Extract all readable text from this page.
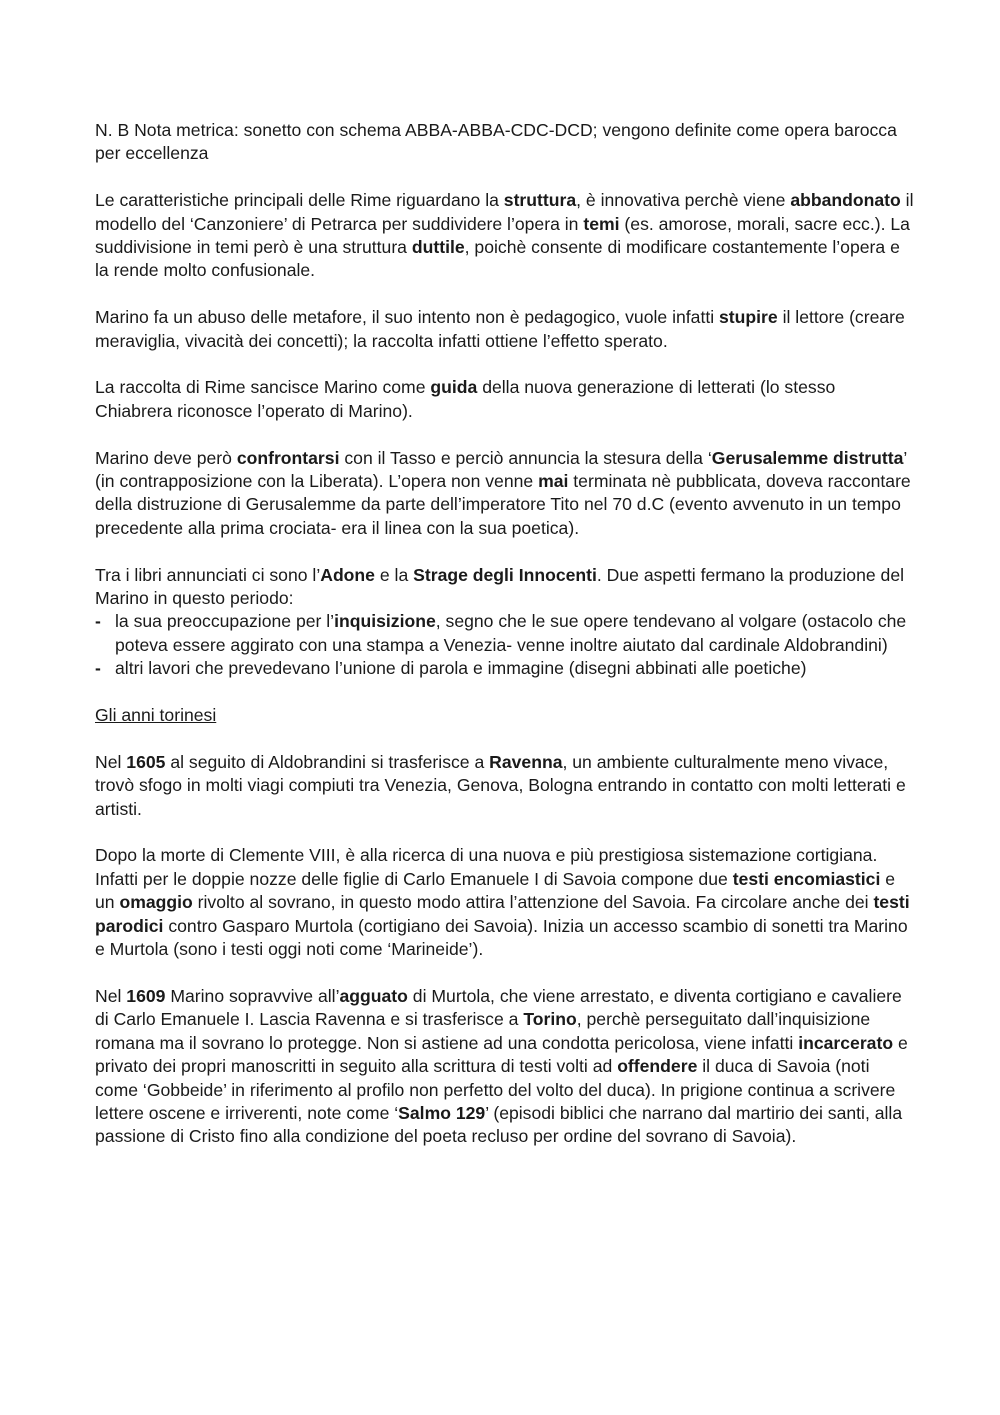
N. B Nota metrica: sonetto con schema ABBA-ABBA-CDC-DCD; vengono definite come opera barocca per eccellenza

Le caratteristiche principali delle Rime riguardano la struttura, è innovativa perchè viene abbandonato il modello del ‘Canzoniere’ di Petrarca per suddividere l’opera in temi (es. amorose, morali, sacre ecc.). La suddivisione in temi però è una struttura duttile, poichè consente di modificare costantemente l’opera e la rende molto confusionale.

Marino fa un abuso delle metafore, il suo intento non è pedagogico, vuole infatti stupire il lettore (creare meraviglia, vivacità dei concetti); la raccolta infatti ottiene l’effetto sperato.

La raccolta di Rime sancisce Marino come guida della nuova generazione di letterati (lo stesso Chiabrera riconosce l’operato di Marino).

Marino deve però confrontarsi con il Tasso e perciò annuncia la stesura della ‘Gerusalemme distrutta’ (in contrapposizione con la Liberata). L’opera non venne mai terminata nè pubblicata, doveva raccontare della distruzione di Gerusalemme da parte dell’imperatore Tito nel 70 d.C (evento avvenuto in un tempo precedente alla prima crociata- era il linea con la sua poetica).

Tra i libri annunciati ci sono l’Adone e la Strage degli Innocenti. Due aspetti fermano la produzione del Marino in questo periodo:

- la sua preoccupazione per l’inquisizione, segno che le sue opere tendevano al volgare (ostacolo che poteva essere aggirato con una stampa a Venezia- venne inoltre aiutato dal cardinale Aldobrandini)
- altri lavori che prevedevano l’unione di parola e immagine (disegni abbinati alle poetiche)

Gli anni torinesi

Nel 1605 al seguito di Aldobrandini si trasferisce a Ravenna, un ambiente culturalmente meno vivace, trovò sfogo in molti viagi compiuti tra Venezia, Genova, Bologna entrando in contatto con molti letterati e artisti.

Dopo la morte di Clemente VIII, è alla ricerca di una nuova e più prestigiosa sistemazione cortigiana. Infatti per le doppie nozze delle figlie di Carlo Emanuele I di Savoia compone due testi encomiastici e un omaggio rivolto al sovrano, in questo modo attira l’attenzione del Savoia. Fa circolare anche dei testi parodici contro Gasparo Murtola (cortigiano dei Savoia). Inizia un accesso scambio di sonetti tra Marino e Murtola (sono i testi oggi noti come ‘Marineide’).

Nel 1609 Marino sopravvive all’agguato di Murtola, che viene arrestato, e diventa cortigiano e cavaliere di Carlo Emanuele I. Lascia Ravenna e si trasferisce a Torino, perchè perseguitato dall’inquisizione romana ma il sovrano lo protegge. Non si astiene ad una condotta pericolosa, viene infatti incarcerato e privato dei propri manoscritti in seguito alla scrittura di testi volti ad offendere il duca di Savoia (noti come ‘Gobbeide’ in riferimento al profilo non perfetto del volto del duca). In prigione continua a scrivere lettere oscene e irriverenti, note come ‘Salmo 129’ (episodi biblici che narrano dal martirio dei santi, alla passione di Cristo fino alla condizione del poeta recluso per ordine del sovrano di Savoia).
